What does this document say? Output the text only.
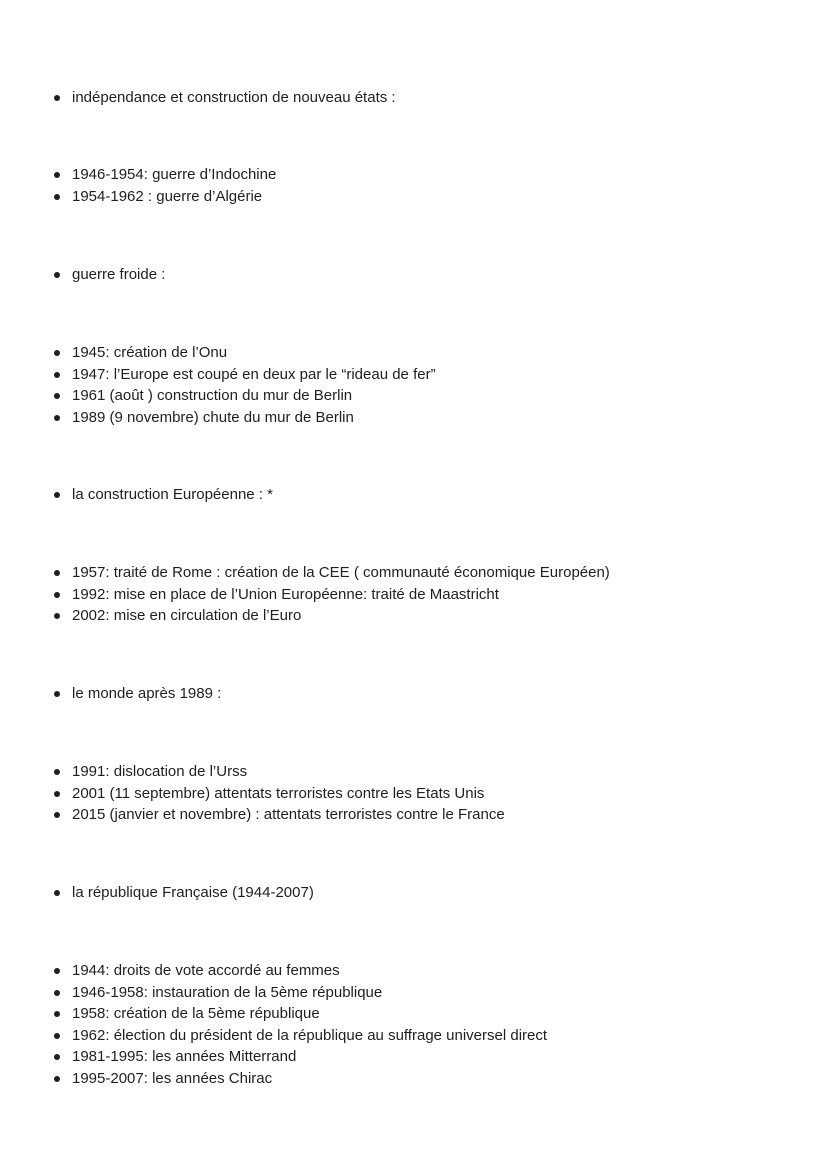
indépendance et construction de nouveau états :
1946-1954: guerre d’Indochine
1954-1962 : guerre d’Algérie
guerre froide :
1945: création de l’Onu
1947: l’Europe est coupé en deux par le “rideau de fer”
1961 (août ) construction du mur de Berlin
1989 (9 novembre) chute du mur de Berlin
la construction Européenne : *
1957: traité de Rome : création de la CEE ( communauté économique Européen)
1992: mise en place de l’Union Européenne: traité de Maastricht
2002: mise en circulation de l’Euro
le monde après 1989 :
1991: dislocation de l’Urss
2001 (11 septembre) attentats terroristes contre les Etats Unis
2015 (janvier et novembre) : attentats terroristes contre le France
la république Française (1944-2007)
1944: droits de vote accordé au femmes
1946-1958: instauration de la 5ème république
1958: création de la 5ème république
1962: élection du président de la république au suffrage universel direct
1981-1995: les années Mitterrand
1995-2007: les années Chirac
